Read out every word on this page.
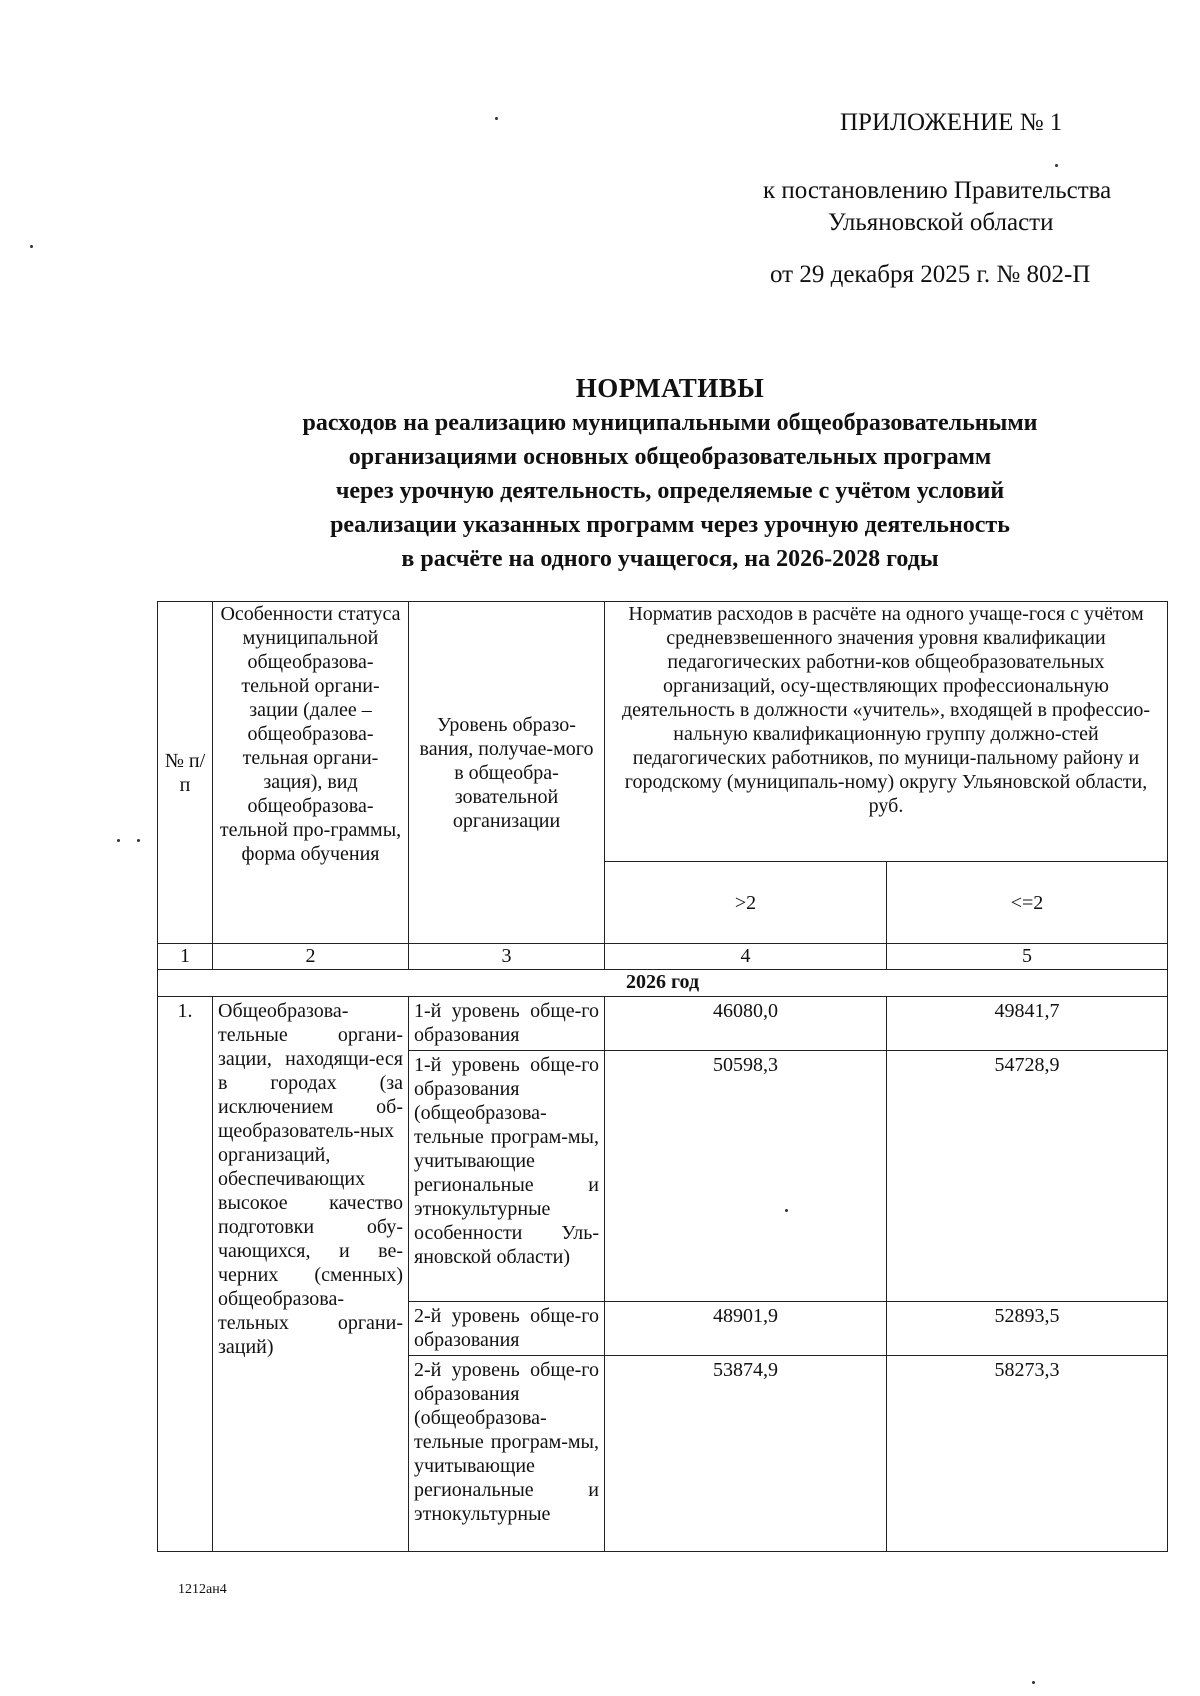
ПРИЛОЖЕНИЕ № 1
к постановлению Правительства
Ульяновской области
от 29 декабря 2025 г. № 802-П
НОРМАТИВЫ
расходов на реализацию муниципальными общеобразовательными
организациями основных общеобразовательных программ
через урочную деятельность, определяемые с учётом условий
реализации указанных программ через урочную деятельность
в расчёте на одного учащегося, на 2026-2028 годы
№ п/п	Особенности статуса муниципальной общеобразова-тельной органи-зации (далее – общеобразова-тельная органи-зация), вид общеобразова-тельной про-граммы, форма обучения	Уровень образо-вания, получае-мого в общеобра-зовательной организации	Норматив расходов в расчёте на одного учаще-гося с учётом средневзвешенного значения уровня квалификации педагогических работни-ков общеобразовательных организаций, осу-ществляющих профессиональную деятельность в должности «учитель», входящей в профессио-нальную квалификационную группу должно-стей педагогических работников, по муници-пальному району и городскому (муниципаль-ному) округу Ульяновской области, руб.	
			>2	<=2
1	2	3	4	5
2026 год				
1.	Общеобразова-тельные органи-зации, находящи-еся в городах (за исключением об-щеобразователь-ных организаций, обеспечивающих высокое качество подготовки обу-чающихся, и ве-черних (сменных) общеобразова-тельных органи-заций)	1-й уровень обще-го образования	46080,0	49841,7
		1-й уровень обще-го образования (общеобразова-тельные програм-мы, учитывающие региональные и этнокультурные особенности Уль-яновской области)	50598,3	54728,9
		2-й уровень обще-го образования	48901,9	52893,5
		2-й уровень обще-го образования (общеобразова-тельные програм-мы, учитывающие региональные и этнокультурные	53874,9	58273,3
1212ан4
